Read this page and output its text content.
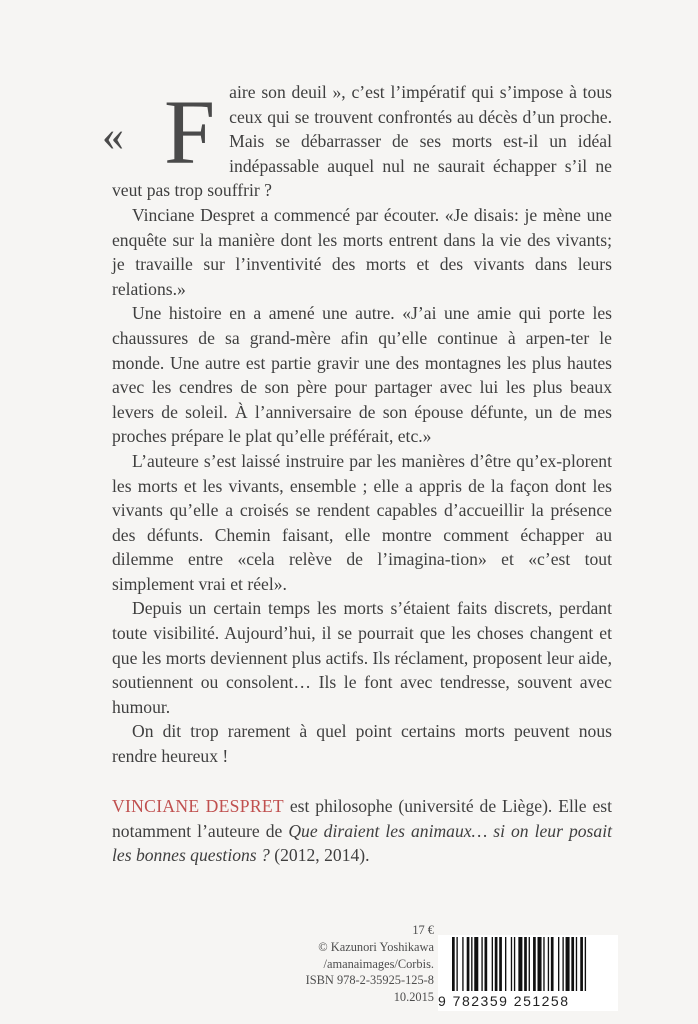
« F aire son deuil », c’est l’impératif qui s’impose à tous ceux qui se trouvent confrontés au décès d’un proche. Mais se débarrasser de ses morts est-il un idéal indépassable auquel nul ne saurait échapper s’il ne veut pas trop souffrir ?

Vinciane Despret a commencé par écouter. «Je disais: je mène une enquête sur la manière dont les morts entrent dans la vie des vivants; je travaille sur l’inventivité des morts et des vivants dans leurs relations.»

Une histoire en a amené une autre. «J’ai une amie qui porte les chaussures de sa grand-mère afin qu’elle continue à arpen-ter le monde. Une autre est partie gravir une des montagnes les plus hautes avec les cendres de son père pour partager avec lui les plus beaux levers de soleil. À l’anniversaire de son épouse défunte, un de mes proches prépare le plat qu’elle préférait, etc.»

L’auteure s’est laissé instruire par les manières d’être qu’ex-plorent les morts et les vivants, ensemble ; elle a appris de la façon dont les vivants qu’elle a croisés se rendent capables d’accueillir la présence des défunts. Chemin faisant, elle montre comment échapper au dilemme entre «cela relève de l’imagina-tion» et «c’est tout simplement vrai et réel».

Depuis un certain temps les morts s’étaient faits discrets, perdant toute visibilité. Aujourd’hui, il se pourrait que les choses changent et que les morts deviennent plus actifs. Ils réclament, proposent leur aide, soutiennent ou consolent… Ils le font avec tendresse, souvent avec humour.

On dit trop rarement à quel point certains morts peuvent nous rendre heureux !

VINCIANE DESPRET est philosophe (université de Liège). Elle est notamment l’auteure de Que diraient les animaux… si on leur posait les bonnes questions ? (2012, 2014).

17 €
© Kazunori Yoshikawa
/amanaimages/Corbis.
ISBN 978-2-35925-125-8
10.2015 9 782359 251258
